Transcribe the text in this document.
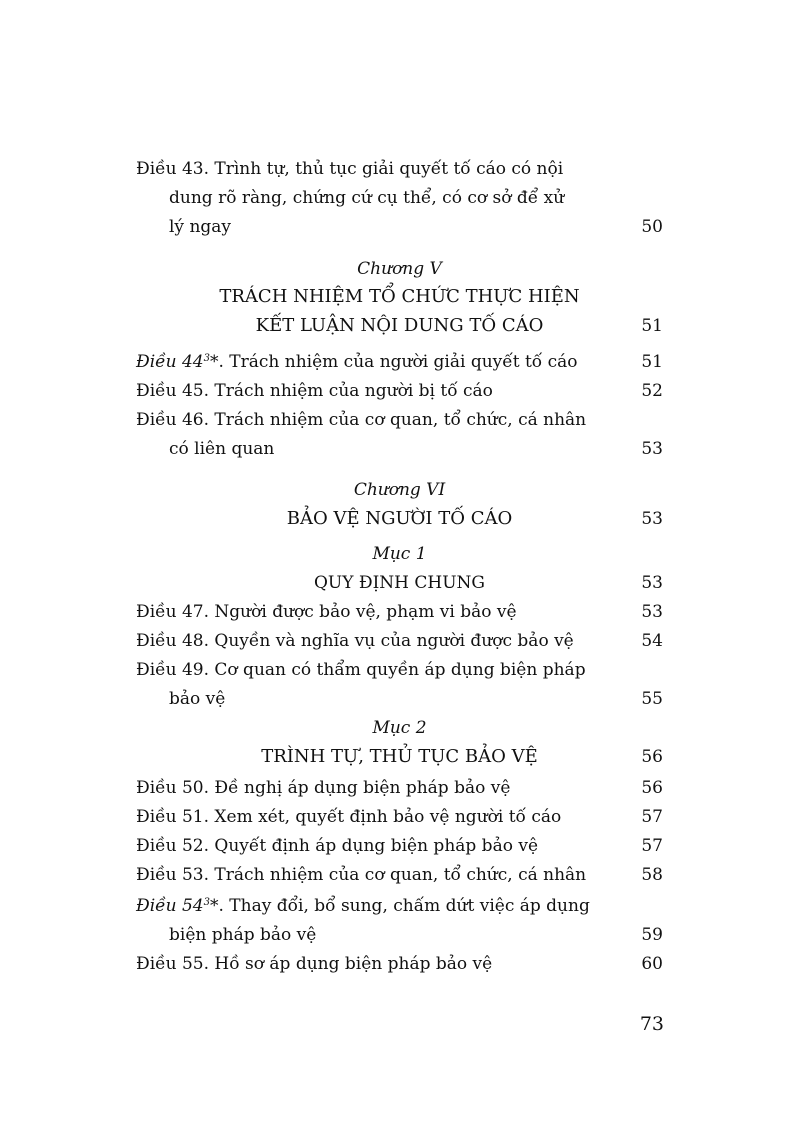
Điều 43. Trình tự, thủ tục giải quyết tố cáo có nội
dung rõ ràng, chứng cứ cụ thể, có cơ sở để xử
lý ngay	50
Chương V
TRÁCH NHIỆM TỔ CHỨC THỰC HIỆN
KẾT LUẬN NỘI DUNG TỐ CÁO	51
Điều $44^3*$. Trách nhiệm của người giải quyết tố cáo	51
Điều 45. Trách nhiệm của người bị tố cáo	52
Điều 46. Trách nhiệm của cơ quan, tổ chức, cá nhân
có liên quan	53
Chương VI
BẢO VỆ NGƯỜI TỐ CÁO	53
Mục 1
QUY ĐỊNH CHUNG	53
Điều 47. Người được bảo vệ, phạm vi bảo vệ	53
Điều 48. Quyền và nghĩa vụ của người được bảo vệ	54
Điều 49. Cơ quan có thẩm quyền áp dụng biện pháp
bảo vệ	55
Mục 2
TRÌNH TỰ, THỦ TỤC BẢO VỆ	56
Điều 50. Đề nghị áp dụng biện pháp bảo vệ	56
Điều 51. Xem xét, quyết định bảo vệ người tố cáo	57
Điều 52. Quyết định áp dụng biện pháp bảo vệ	57
Điều 53. Trách nhiệm của cơ quan, tổ chức, cá nhân	58
Điều $54^3*$. Thay đổi, bổ sung, chấm dứt việc áp dụng
biện pháp bảo vệ	59
Điều 55. Hồ sơ áp dụng biện pháp bảo vệ	60
73
